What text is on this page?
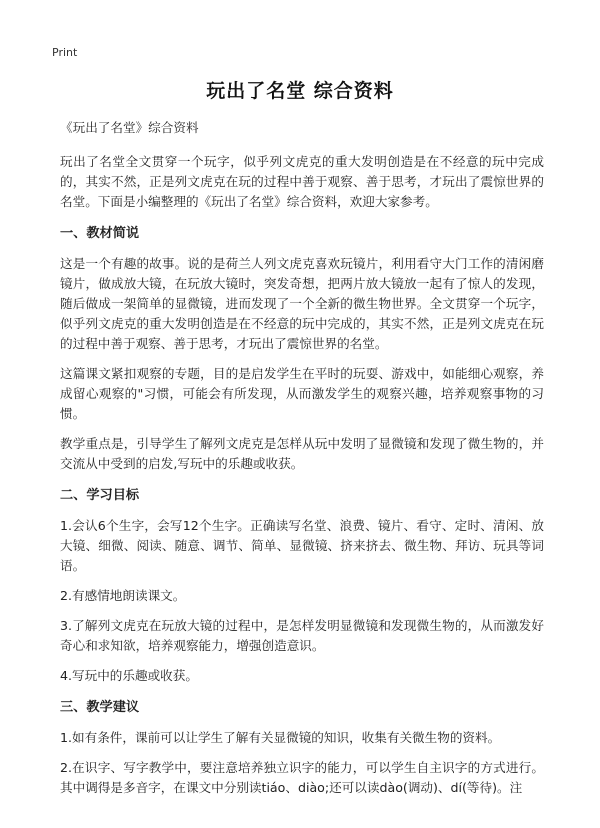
Print
玩出了名堂 综合资料

《玩出了名堂》综合资料

玩出了名堂全文贯穿一个玩字，似乎列文虎克的重大发明创造是在不经意的玩中完成的，其实不然，正是列文虎克在玩的过程中善于观察、善于思考，才玩出了震惊世界的名堂。下面是小编整理的《玩出了名堂》综合资料，欢迎大家参考。

一、教材简说

这是一个有趣的故事。说的是荷兰人列文虎克喜欢玩镜片，利用看守大门工作的清闲磨镜片，做成放大镜，在玩放大镜时，突发奇想，把两片放大镜放一起有了惊人的发现，随后做成一架简单的显微镜，进而发现了一个全新的微生物世界。全文贯穿一个玩字，似乎列文虎克的重大发明创造是在不经意的玩中完成的，其实不然，正是列文虎克在玩的过程中善于观察、善于思考，才玩出了震惊世界的名堂。

这篇课文紧扣观察的专题，目的是启发学生在平时的玩耍、游戏中，如能细心观察，养成留心观察的"习惯，可能会有所发现，从而激发学生的观察兴趣，培养观察事物的习惯。

教学重点是，引导学生了解列文虎克是怎样从玩中发明了显微镜和发现了微生物的，并交流从中受到的启发,写玩中的乐趣或收获。

二、学习目标

1.会认6个生字，会写12个生字。正确读写名堂、浪费、镜片、看守、定时、清闲、放大镜、细微、阅读、随意、调节、简单、显微镜、挤来挤去、微生物、拜访、玩具等词语。

2.有感情地朗读课文。

3.了解列文虎克在玩放大镜的过程中，是怎样发明显微镜和发现微生物的，从而激发好奇心和求知欲，培养观察能力，增强创造意识。

4.写玩中的乐趣或收获。

三、教学建议

1.如有条件，课前可以让学生了解有关显微镜的知识，收集有关微生物的资料。

2.在识字、写字教学中，要注意培养独立识字的能力，可以学生自主识字的方式进行。其中调得是多音字，在课文中分别读tiáo、diào;还可以读dào(调动)、dí(等待)。注
